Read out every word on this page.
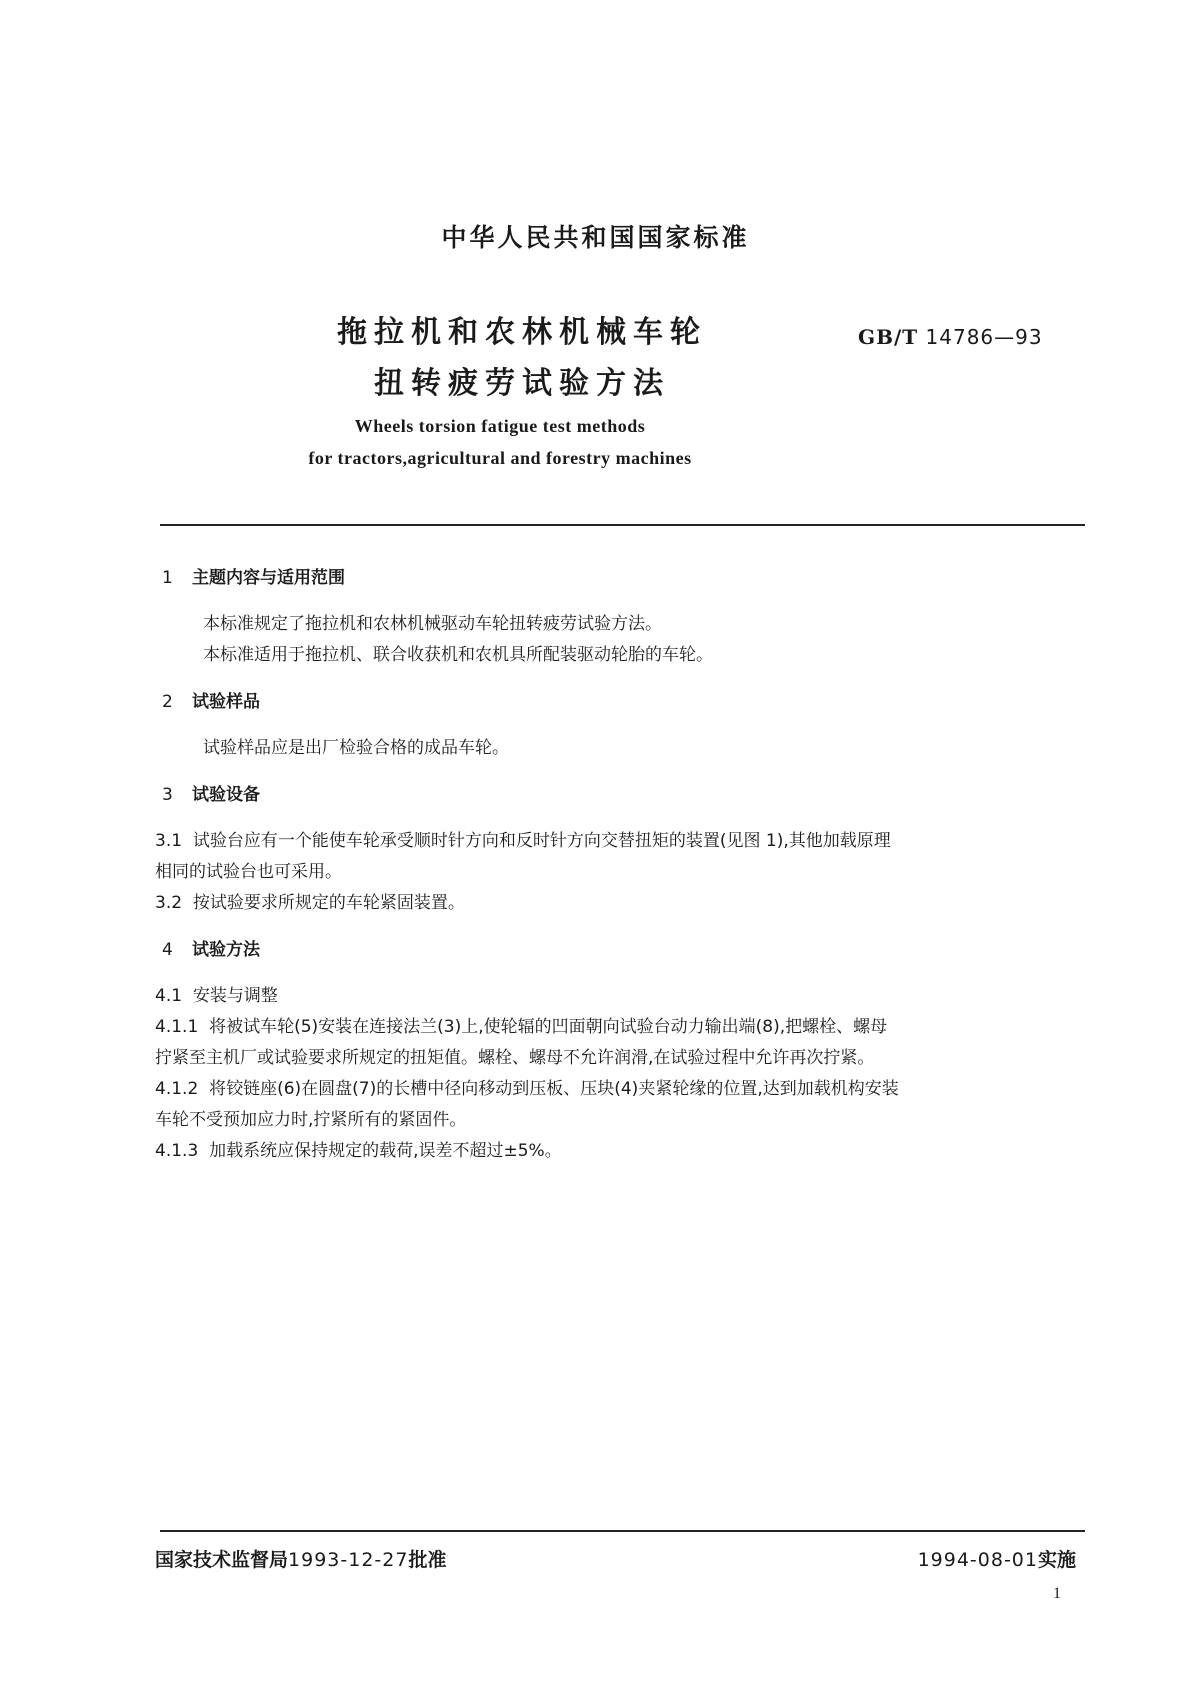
中华人民共和国国家标准
拖拉机和农林机械车轮
扭转疲劳试验方法
GB/T 14786—93
Wheels torsion fatigue test methods
for tractors,agricultural and forestry machines
1 主题内容与适用范围
本标准规定了拖拉机和农林机械驱动车轮扭转疲劳试验方法。
本标准适用于拖拉机、联合收获机和农机具所配装驱动轮胎的车轮。
2 试验样品
试验样品应是出厂检验合格的成品车轮。
3 试验设备
3.1 试验台应有一个能使车轮承受顺时针方向和反时针方向交替扭矩的装置(见图 1),其他加载原理
相同的试验台也可采用。
3.2 按试验要求所规定的车轮紧固装置。
4 试验方法
4.1 安装与调整
4.1.1 将被试车轮(5)安装在连接法兰(3)上,使轮辐的凹面朝向试验台动力输出端(8),把螺栓、螺母
拧紧至主机厂或试验要求所规定的扭矩值。螺栓、螺母不允许润滑,在试验过程中允许再次拧紧。
4.1.2 将铰链座(6)在圆盘(7)的长槽中径向移动到压板、压块(4)夹紧轮缘的位置,达到加载机构安装
车轮不受预加应力时,拧紧所有的紧固件。
4.1.3 加载系统应保持规定的载荷,误差不超过±5%。
国家技术监督局1993-12-27批准	1994-08-01实施
1
